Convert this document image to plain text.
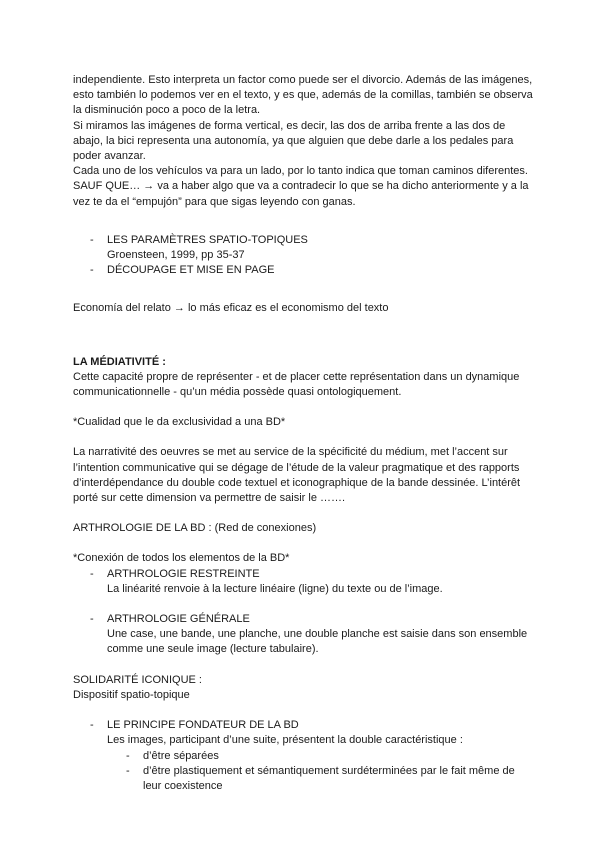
independiente. Esto interpreta un factor como puede ser el divorcio. Además de las imágenes, esto también lo podemos ver en el texto, y es que, además de la comillas, también se observa la disminución poco a poco de la letra.

Si miramos las imágenes de forma vertical, es decir, las dos de arriba frente a las dos de abajo, la bici representa una autonomía, ya que alguien que debe darle a los pedales para poder avanzar.

Cada uno de los vehículos va para un lado, por lo tanto indica que toman caminos diferentes.

SAUF QUE… → va a haber algo que va a contradecir lo que se ha dicho anteriormente y a la vez te da el “empujón” para que sigas leyendo con ganas.

- LES PARAMÈTRES SPATIO-TOPIQUES

Groensteen, 1999, pp 35-37

- DÉCOUPAGE ET MISE EN PAGE

Economía del relato → lo más eficaz es el economismo del texto

LA MÉDIATIVITÉ :

Cette capacité propre de représenter - et de placer cette représentation dans un dynamique communicationnelle - qu’un média possède quasi ontologiquement.

*Cualidad que le da exclusividad a una BD*

La narrativité des oeuvres se met au service de la spécificité du médium, met l’accent sur l’intention communicative qui se dégage de l’étude de la valeur pragmatique et des rapports d’interdépendance du double code textuel et iconographique de la bande dessinée. L’intérêt porté sur cette dimension va permettre de saisir le …….

ARTHROLOGIE DE LA BD : (Red de conexiones)

*Conexión de todos los elementos de la BD*

- ARTHROLOGIE RESTREINTE

La linéarité renvoie à la lecture linéaire (ligne) du texte ou de l’image.

- ARTHROLOGIE GÉNÉRALE

Une case, une bande, une planche, une double planche est saisie dans son ensemble comme une seule image (lecture tabulaire).

SOLIDARITÉ ICONIQUE :

Dispositif spatio-topique

- LE PRINCIPE FONDATEUR DE LA BD

Les images, participant d’une suite, présentent la double caractéristique :

- d’être séparées

- d’être plastiquement et sémantiquement surdéterminées par le fait même de leur coexistence
